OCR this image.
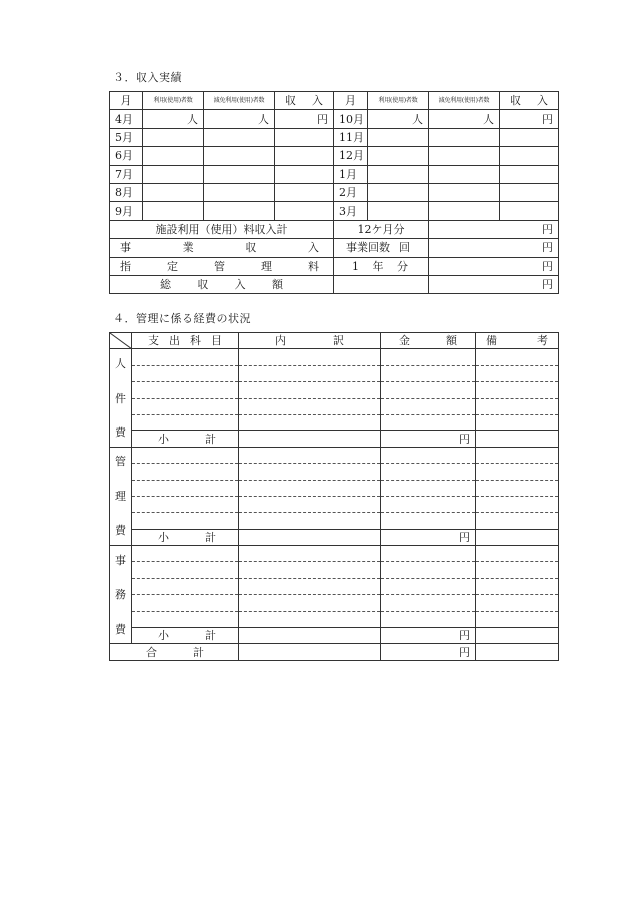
３．収入実績
月	利用(使用)者数	減免利用(使用)者数	収 入	月	利用(使用)者数	減免利用(使用)者数	収 入

4月	人	人	円	10月	人	人	円
5月				11月			
6月				12月			
7月				1月			
8月				2月			
9月				3月			
施設利用（使用）料収入計				12ケ月分		円	

事 業 収 入				事業回数 回		円	

指 定 管 理 料				1 年 分		円	

総 収 入 額						円	
４．管理に係る経費の状況

支 出 科 目	内 訳	金 額	備 考

人
件
費				

	小 計		円	

管
理
費				

	小 計		円	

事
務
費				

	小 計		円	

合 計			円	
